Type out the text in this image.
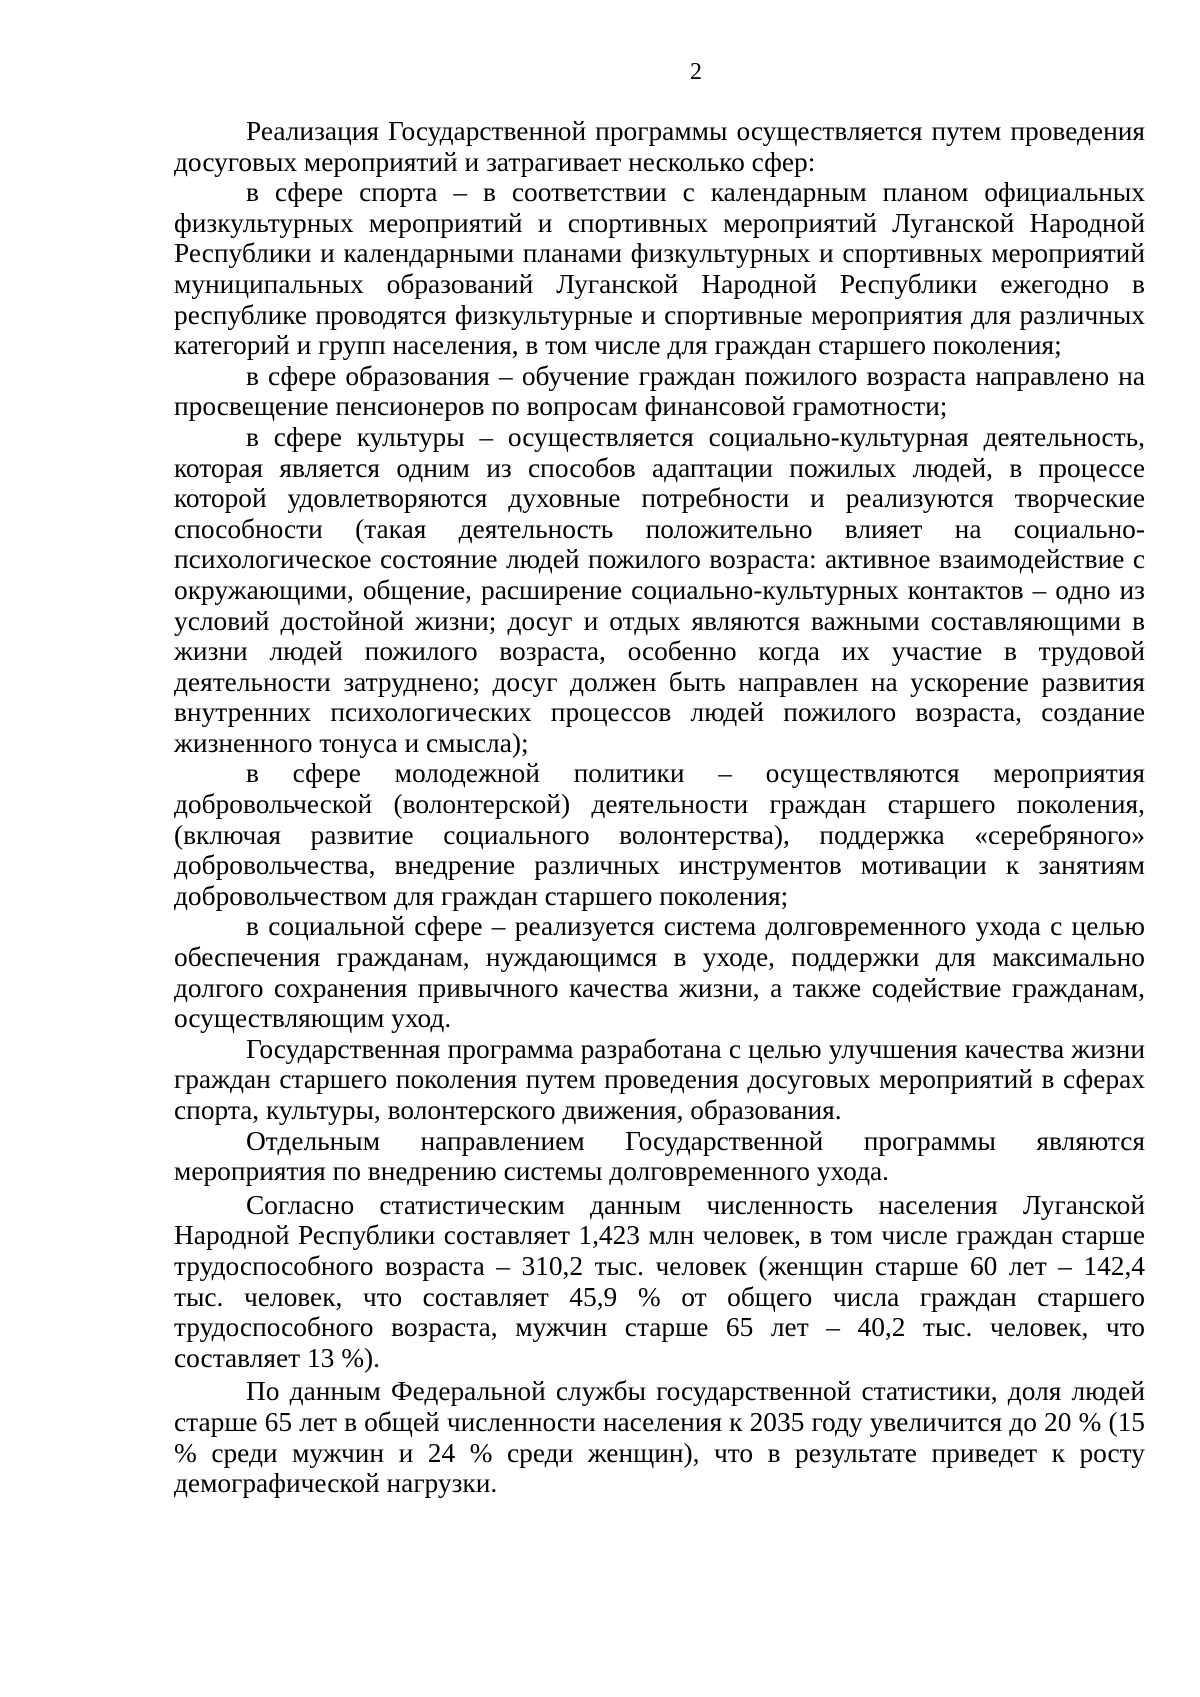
2

Реализация Государственной программы осуществляется путем проведения досуговых мероприятий и затрагивает несколько сфер:

в сфере спорта – в соответствии с календарным планом официальных физкультурных мероприятий и спортивных мероприятий Луганской Народной Республики и календарными планами физкультурных и спортивных мероприятий муниципальных образований Луганской Народной Республики ежегодно в республике проводятся физкультурные и спортивные мероприятия для различных категорий и групп населения, в том числе для граждан старшего поколения;

в сфере образования – обучение граждан пожилого возраста направлено на просвещение пенсионеров по вопросам финансовой грамотности;

в сфере культуры – осуществляется социально-культурная деятельность, которая является одним из способов адаптации пожилых людей, в процессе которой удовлетворяются духовные потребности и реализуются творческие способности (такая деятельность положительно влияет на социально-психологическое состояние людей пожилого возраста: активное взаимодействие с окружающими, общение, расширение социально-культурных контактов – одно из условий достойной жизни; досуг и отдых являются важными составляющими в жизни людей пожилого возраста, особенно когда их участие в трудовой деятельности затруднено; досуг должен быть направлен на ускорение развития внутренних психологических процессов людей пожилого возраста, создание жизненного тонуса и смысла);

в сфере молодежной политики – осуществляются мероприятия добровольческой (волонтерской) деятельности граждан старшего поколения, (включая развитие социального волонтерства), поддержка «серебряного» добровольчества, внедрение различных инструментов мотивации к занятиям добровольчеством для граждан старшего поколения;

в социальной сфере – реализуется система долговременного ухода с целью обеспечения гражданам, нуждающимся в уходе, поддержки для максимально долгого сохранения привычного качества жизни, а также содействие гражданам, осуществляющим уход.

Государственная программа разработана с целью улучшения качества жизни граждан старшего поколения путем проведения досуговых мероприятий в сферах спорта, культуры, волонтерского движения, образования.

Отдельным направлением Государственной программы являются мероприятия по внедрению системы долговременного ухода.

Согласно статистическим данным численность населения Луганской Народной Республики составляет 1,423 млн человек, в том числе граждан старше трудоспособного возраста – 310,2 тыс. человек (женщин старше 60 лет – 142,4 тыс. человек, что составляет 45,9 % от общего числа граждан старшего трудоспособного возраста, мужчин старше 65 лет – 40,2 тыс. человек, что составляет 13 %).

По данным Федеральной службы государственной статистики, доля людей старше 65 лет в общей численности населения к 2035 году увеличится до 20 % (15 % среди мужчин и 24 % среди женщин), что в результате приведет к росту демографической нагрузки.
